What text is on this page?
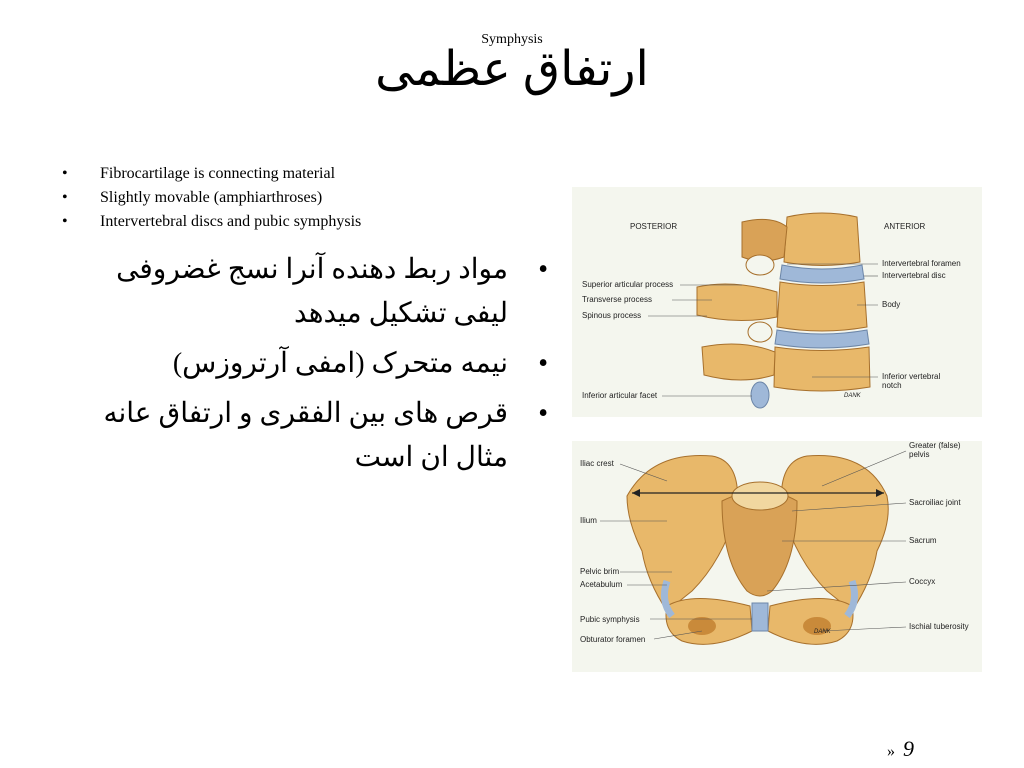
Symphysis
ارتفاق عظمی
• Fibrocartilage is connecting material
• Slightly movable (amphiarthroses)
• Intervertebral discs and pubic symphysis
• مواد ربط دهنده آنرا نسج غضروفی لیفی تشکیل میدهد
• نیمه متحرک (امفی آرتروزس)
• قرص های بین الفقری و ارتفاق عانه مثال ان است
POSTERIOR	ANTERIOR
Superior articular process
Transverse process
Spinous process
Inferior articular facet
Intervertebral foramen
Intervertebral disc
Body
Inferior vertebral notch
DANK
Iliac crest
Ilium
Pelvic brim
Acetabulum
Pubic symphysis
Obturator foramen
Greater (false) pelvis
Sacroiliac joint
Sacrum
Coccyx
Ischial tuberosity
DANK
» 9
